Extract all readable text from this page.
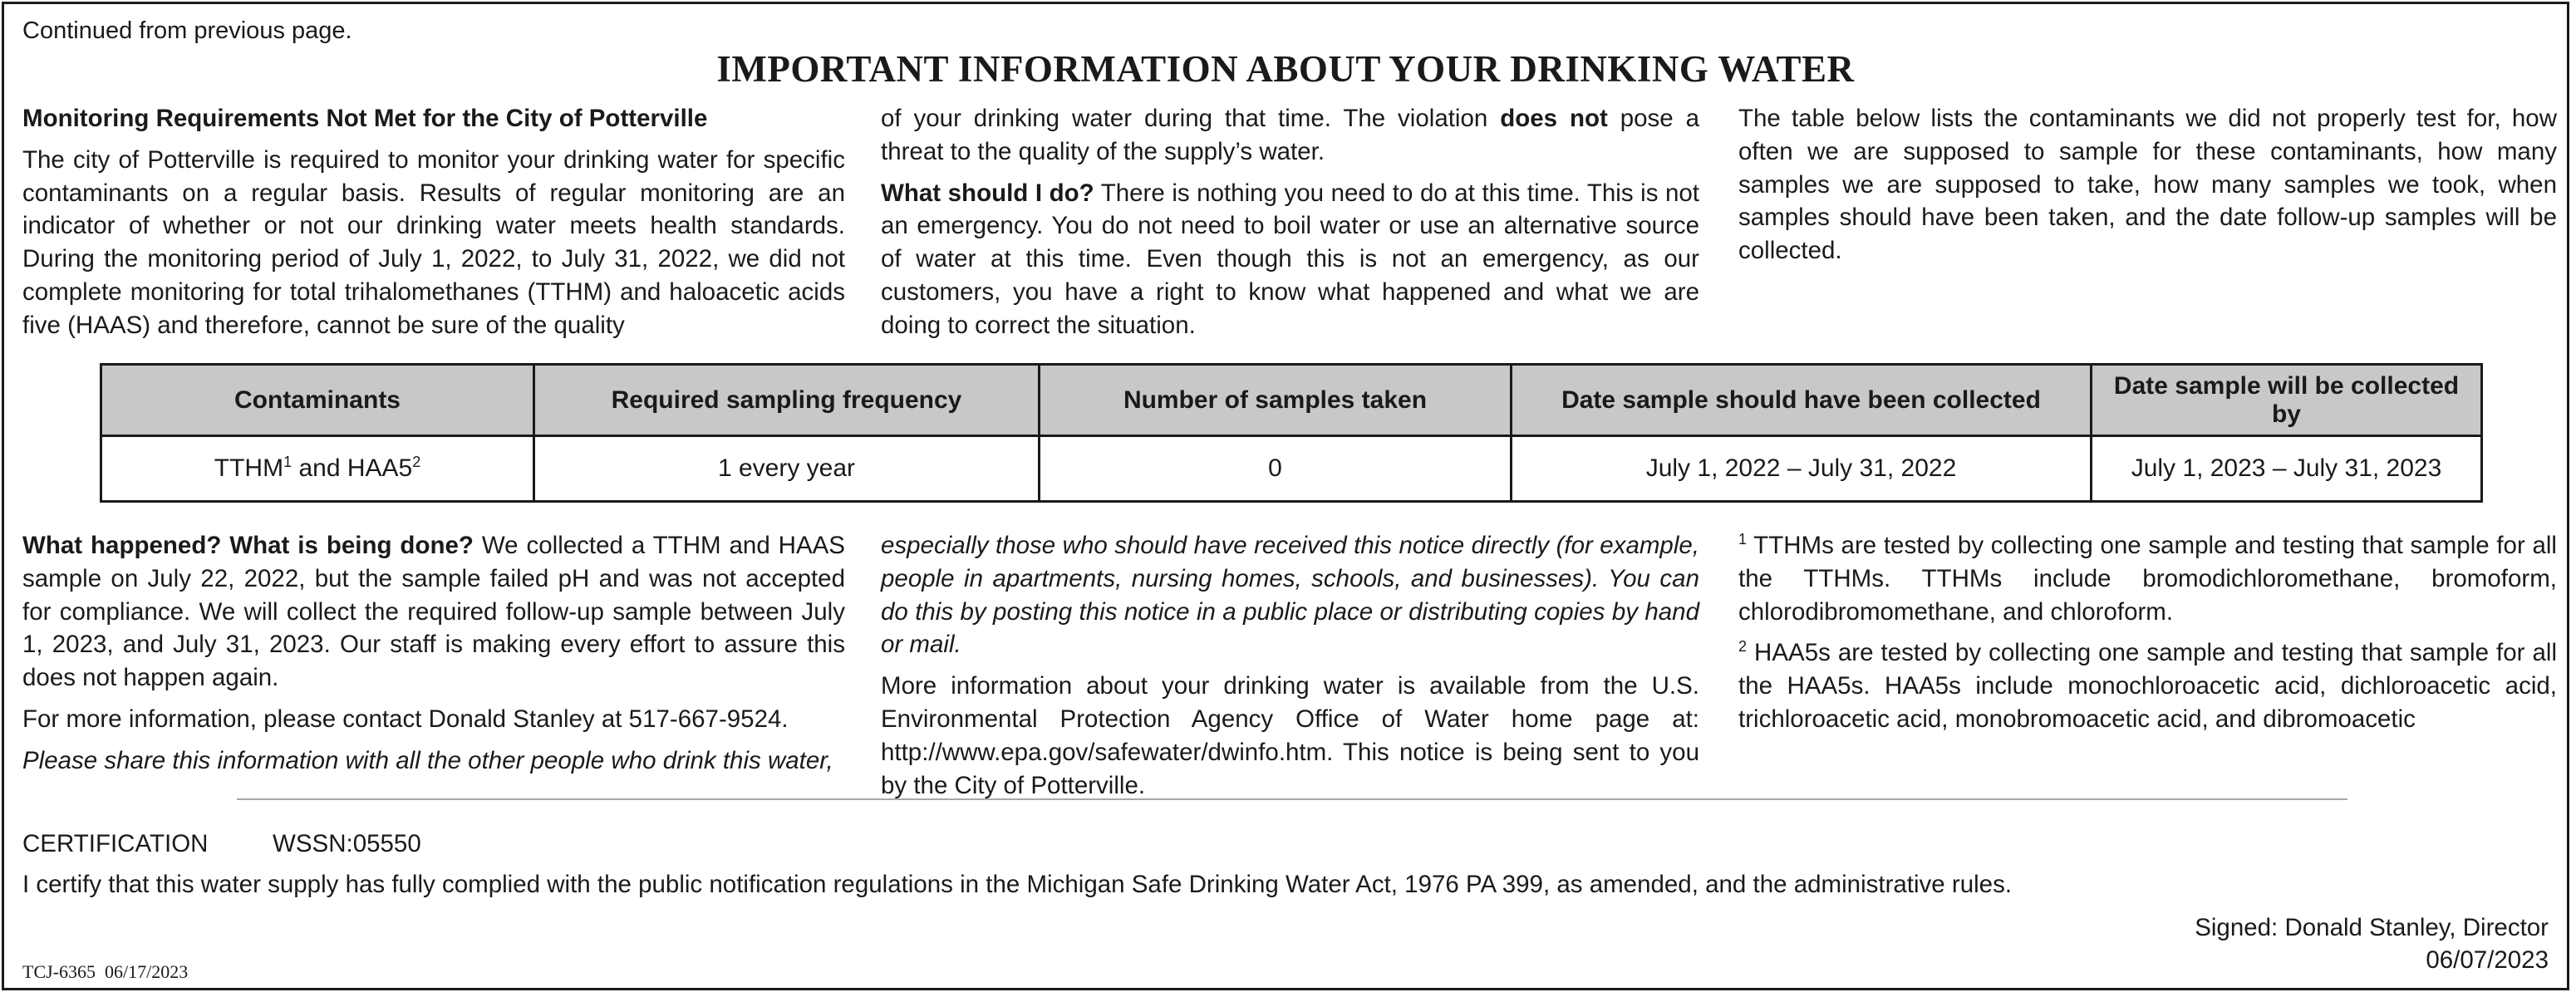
Continued from previous page.
IMPORTANT INFORMATION ABOUT YOUR DRINKING WATER
Monitoring Requirements Not Met for the City of Potterville

The city of Potterville is required to monitor your drinking water for specific contaminants on a regular basis. Results of regular monitoring are an indicator of whether or not our drinking water meets health standards. During the monitoring period of July 1, 2022, to July 31, 2022, we did not complete monitoring for total trihalomethanes (TTHM) and haloacetic acids five (HAAS) and therefore, cannot be sure of the quality

of your drinking water during that time. The violation does not pose a threat to the quality of the supply’s water.

What should I do? There is nothing you need to do at this time. This is not an emergency. You do not need to boil water or use an alternative source of water at this time. Even though this is not an emergency, as our customers, you have a right to know what happened and what we are doing to correct the situation.

The table below lists the contaminants we did not properly test for, how often we are supposed to sample for these contaminants, how many samples we are supposed to take, how many samples we took, when samples should have been taken, and the date follow-up samples will be collected.

Contaminants	Required sampling frequency	Number of samples taken	Date sample should have been collected	Date sample will be collected by
TTHM$^1$ and $HAA5^2$	1 every year	0	July 1, 2022 – July 31, 2022	July 1, 2023 – July 31, 2023

What happened? What is being done? We collected a TTHM and HAAS sample on July 22, 2022, but the sample failed pH and was not accepted for compliance. We will collect the required follow-up sample between July 1, 2023, and July 31, 2023. Our staff is making every effort to assure this does not happen again.

For more information, please contact Donald Stanley at 517-667-9524.

Please share this information with all the other people who drink this water,

especially those who should have received this notice directly (for example, people in apartments, nursing homes, schools, and businesses). You can do this by posting this notice in a public place or distributing copies by hand or mail.

More information about your drinking water is available from the U.S. Environmental Protection Agency Office of Water home page at: http://www.epa.gov/safewater/dwinfo.htm. This notice is being sent to you by the City of Potterville.

$^1$ TTHMs are tested by collecting one sample and testing that sample for all the TTHMs. TTHMs include bromodichloromethane, bromoform, chlorodibromomethane, and chloroform.

$^2$ HAA5s are tested by collecting one sample and testing that sample for all the HAA5s. HAA5s include monochloroacetic acid, dichloroacetic acid, trichloroacetic acid, monobromoacetic acid, and dibromoacetic

CERTIFICATION	WSSN:05550
I certify that this water supply has fully complied with the public notification regulations in the Michigan Safe Drinking Water Act, 1976 PA 399, as amended, and the administrative rules.
Signed: Donald Stanley, Director
06/07/2023
TCJ-6365  06/17/2023
